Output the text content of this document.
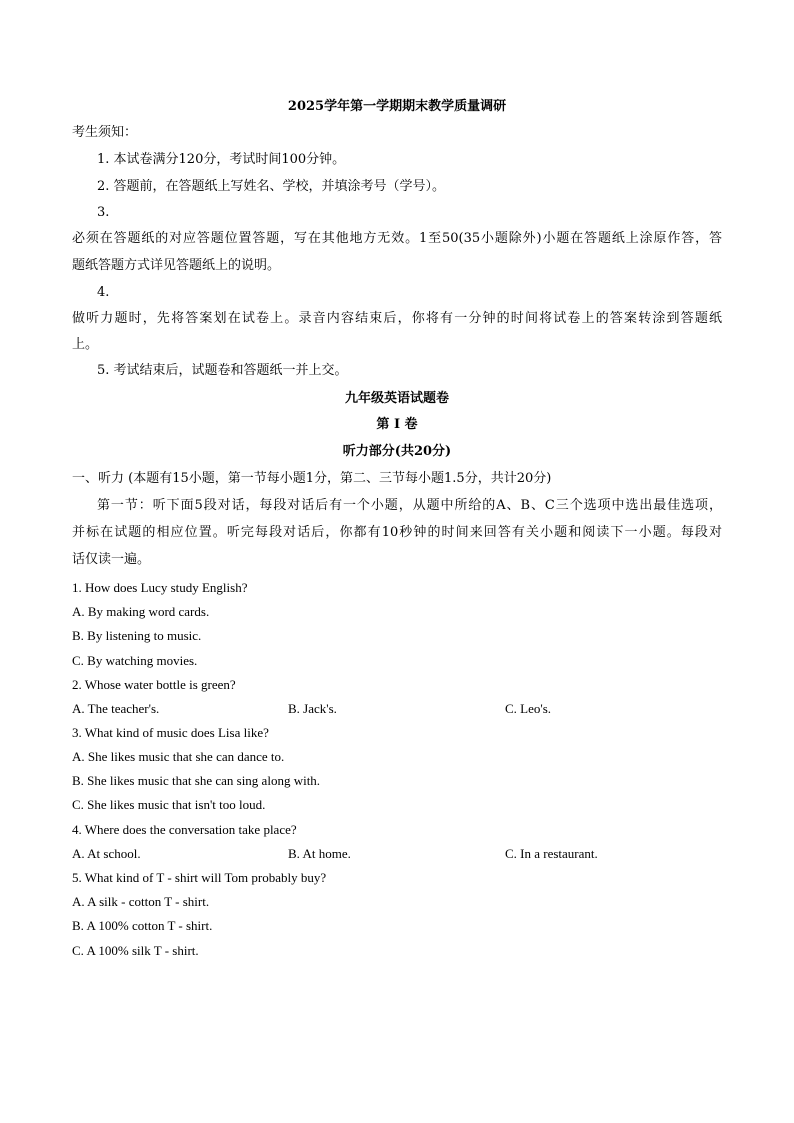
2025学年第一学期期末教学质量调研
考生须知：
1. 本试卷满分120分，考试时间100分钟。
2. 答题前，在答题纸上写姓名、学校，并填涂考号（学号）。
3.
必须在答题纸的对应答题位置答题，写在其他地方无效。1至50(35小题除外)小题在答题纸上涂原作答，答
题纸答题方式详见答题纸上的说明。
4.
做听力题时，先将答案划在试卷上。录音内容结束后，你将有一分钟的时间将试卷上的答案转涂到答题纸
上。
5. 考试结束后，试题卷和答题纸一并上交。
九年级英语试题卷
第 I 卷
听力部分(共20分)
一、听力 (本题有15小题，第一节每小题1分，第二、三节每小题1.5分，共计20分)
第一节：听下面5段对话，每段对话后有一个小题，从题中所给的A、B、C三个选项中选出最佳选项，
并标在试题的相应位置。听完每段对话后，你都有10秒钟的时间来回答有关小题和阅读下一小题。每段对
话仅读一遍。
1. How does Lucy study English?
A. By making word cards.
B. By listening to music.
C. By watching movies.
2. Whose water bottle is green?
A. The teacher's.	B. Jack's.	C. Leo's.
3. What kind of music does Lisa like?
A. She likes music that she can dance to.
B. She likes music that she can sing along with.
C. She likes music that isn't too loud.
4. Where does the conversation take place?
A. At school.	B. At home.	C. In a restaurant.
5. What kind of T - shirt will Tom probably buy?
A. A silk - cotton T - shirt.
B. A 100% cotton T - shirt.
C. A 100% silk T - shirt.
